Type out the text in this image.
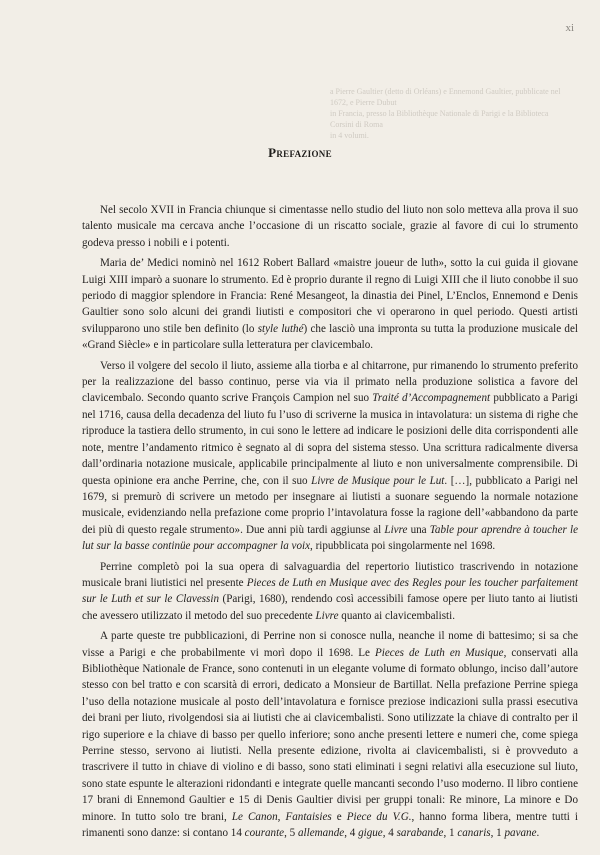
xi

a Pierre Gaultier (detto di Orléans) e Ennemond Gaultier, pubblicate nel 1672, e Pierre Dubut

in Francia, presso la Bibliothèque Nationale di Parigi e la Biblioteca Corsini di Roma

in 4 volumi.

Prefazione

Nel secolo XVII in Francia chiunque si cimentasse nello studio del liuto non solo metteva alla prova il suo talento musicale ma cercava anche l’occasione di un riscatto sociale, grazie al favore di cui lo strumento godeva presso i nobili e i potenti.

Maria de’ Medici nominò nel 1612 Robert Ballard «maistre joueur de luth», sotto la cui guida il giovane Luigi XIII imparò a suonare lo strumento. Ed è proprio durante il regno di Luigi XIII che il liuto conobbe il suo periodo di maggior splendore in Francia: René Mesangeot, la dinastia dei Pinel, L’Enclos, Ennemond e Denis Gaultier sono solo alcuni dei grandi liutisti e compositori che vi operarono in quel periodo. Questi artisti svilupparono uno stile ben definito (lo style luthé) che lasciò una impronta su tutta la produzione musicale del «Grand Siècle» e in particolare sulla letteratura per clavicembalo.

Verso il volgere del secolo il liuto, assieme alla tiorba e al chitarrone, pur rimanendo lo strumento preferito per la realizzazione del basso continuo, perse via via il primato nella produzione solistica a favore del clavicembalo. Secondo quanto scrive François Campion nel suo Traité d’Accompagnement pubblicato a Parigi nel 1716, causa della decadenza del liuto fu l’uso di scriverne la musica in intavolatura: un sistema di righe che riproduce la tastiera dello strumento, in cui sono le lettere ad indicare le posizioni delle dita corrispondenti alle note, mentre l’andamento ritmico è segnato al di sopra del sistema stesso. Una scrittura radicalmente diversa dall’ordinaria notazione musicale, applicabile principalmente al liuto e non universalmente comprensibile. Di questa opinione era anche Perrine, che, con il suo Livre de Musique pour le Lut. […], pubblicato a Parigi nel 1679, si premurò di scrivere un metodo per insegnare ai liutisti a suonare seguendo la normale notazione musicale, evidenziando nella prefazione come proprio l’intavolatura fosse la ragione dell’«abbandono da parte dei più di questo regale strumento». Due anni più tardi aggiunse al Livre una Table pour aprendre à toucher le lut sur la basse continüe pour accompagner la voix, ripubblicata poi singolarmente nel 1698.

Perrine completò poi la sua opera di salvaguardia del repertorio liutistico trascrivendo in notazione musicale brani liutistici nel presente Pieces de Luth en Musique avec des Regles pour les toucher parfaitement sur le Luth et sur le Clavessin (Parigi, 1680), rendendo così accessibili famose opere per liuto tanto ai liutisti che avessero utilizzato il metodo del suo precedente Livre quanto ai clavicembalisti.

A parte queste tre pubblicazioni, di Perrine non si conosce nulla, neanche il nome di battesimo; si sa che visse a Parigi e che probabilmente vi morì dopo il 1698. Le Pieces de Luth en Musique, conservati alla Bibliothèque Nationale de France, sono contenuti in un elegante volume di formato oblungo, inciso dall’autore stesso con bel tratto e con scarsità di errori, dedicato a Monsieur de Bartillat. Nella prefazione Perrine spiega l’uso della notazione musicale al posto dell’intavolatura e fornisce preziose indicazioni sulla prassi esecutiva dei brani per liuto, rivolgendosi sia ai liutisti che ai clavicembalisti. Sono utilizzate la chiave di contralto per il rigo superiore e la chiave di basso per quello inferiore; sono anche presenti lettere e numeri che, come spiega Perrine stesso, servono ai liutisti. Nella presente edizione, rivolta ai clavicembalisti, si è provveduto a trascrivere il tutto in chiave di violino e di basso, sono stati eliminati i segni relativi alla esecuzione sul liuto, sono state espunte le alterazioni ridondanti e integrate quelle mancanti secondo l’uso moderno. Il libro contiene 17 brani di Ennemond Gaultier e 15 di Denis Gaultier divisi per gruppi tonali: Re minore, La minore e Do minore. In tutto solo tre brani, Le Canon, Fantaisies e Piece du V.G., hanno forma libera, mentre tutti i rimanenti sono danze: si contano 14 courante, 5 allemande, 4 gigue, 4 sarabande, 1 canaris, 1 pavane.
